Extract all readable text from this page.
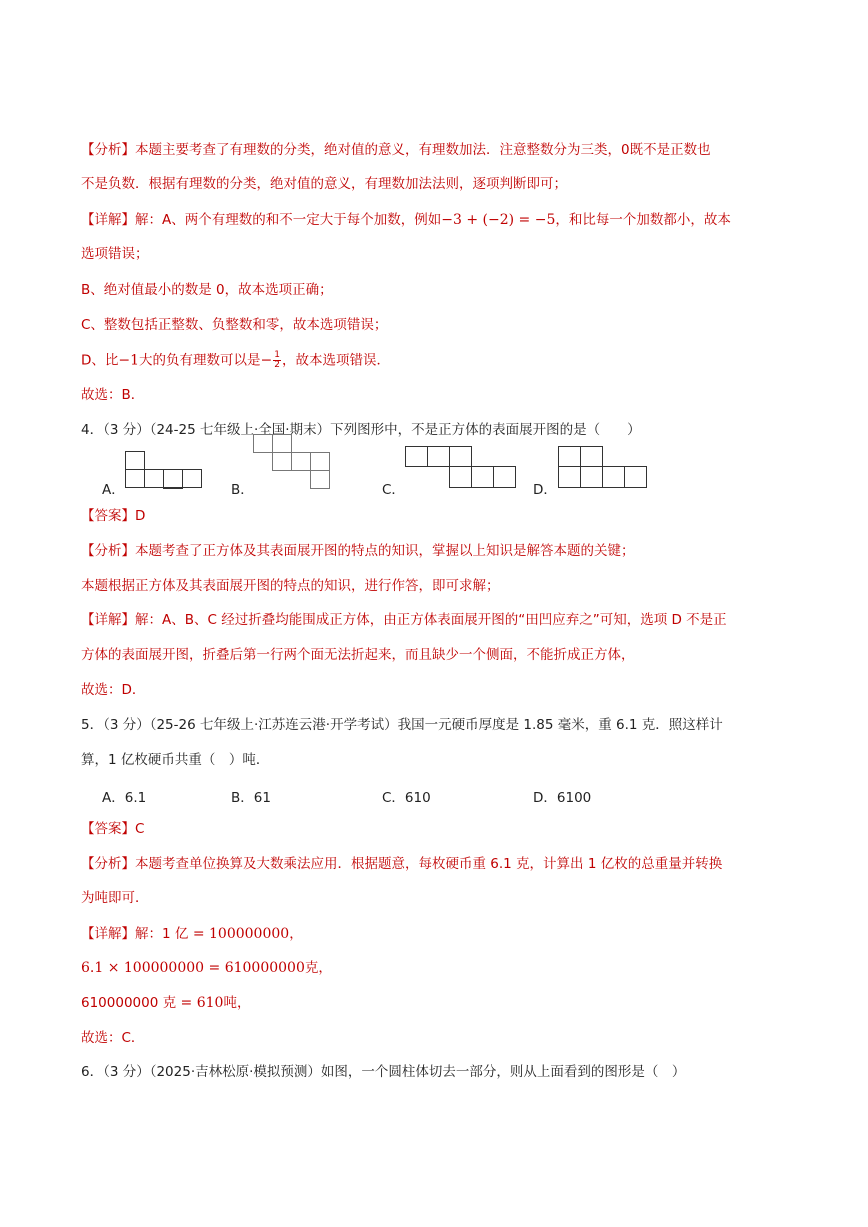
【分析】本题主要考查了有理数的分类，绝对值的意义，有理数加法．注意整数分为三类，0既不是正数也
不是负数．根据有理数的分类，绝对值的意义，有理数加法法则，逐项判断即可；
【详解】解：A、两个有理数的和不一定大于每个加数，例如−3 + (−2) = −5，和比每一个加数都小，故本
选项错误；
B、绝对值最小的数是 0，故本选项正确；
C、整数包括正整数、负整数和零，故本选项错误；
D、比−1大的负有理数可以是− $\frac{1}{2}$ ，故本选项错误．
故选：B．
4．（3 分）（24-25 七年级上·全国·期末）下列图形中，不是正方体的表面展开图的是（　　）
A．	B．	C．	D．
【答案】D
【分析】本题考查了正方体及其表面展开图的特点的知识，掌握以上知识是解答本题的关键；
本题根据正方体及其表面展开图的特点的知识，进行作答，即可求解；
【详解】解：A、B、C 经过折叠均能围成正方体，由正方体表面展开图的“田凹应弃之”可知，选项 D 不是正
方体的表面展开图，折叠后第一行两个面无法折起来，而且缺少一个侧面，不能折成正方体，
故选：D．
5．（3 分）（25-26 七年级上·江苏连云港·开学考试）我国一元硬币厚度是 1.85 毫米，重 6.1 克．照这样计
算，1 亿枚硬币共重（　）吨．
A．6.1	B．61	C．610	D．6100
【答案】C
【分析】本题考查单位换算及大数乘法应用．根据题意，每枚硬币重 6.1 克，计算出 1 亿枚的总重量并转换
为吨即可．
【详解】解：1 亿 = 100000000，
6.1 × 100000000 = 610000000克，
610000000 克 = 610吨，
故选：C．
6．（3 分）（2025·吉林松原·模拟预测）如图，一个圆柱体切去一部分，则从上面看到的图形是（　）
